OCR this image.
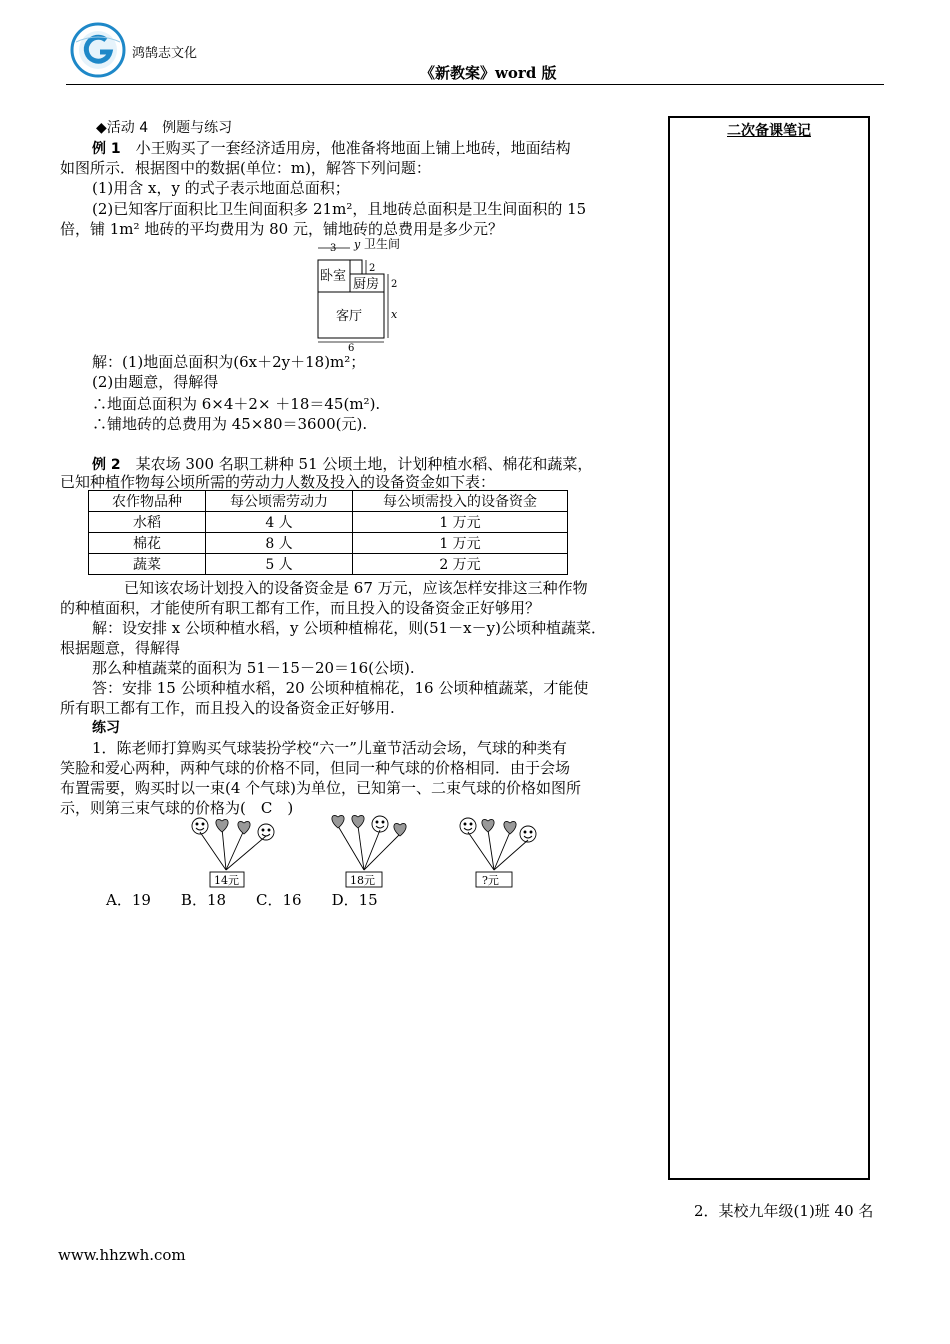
鸿鹄志文化
《新教案》word 版
二次备课笔记
◆活动 4　例题与练习
例 1　小王购买了一套经济适用房，他准备将地面上铺上地砖，地面结构
如图所示．根据图中的数据(单位：m)，解答下列问题：
(1)用含 x，y 的式子表示地面总面积；
(2)已知客厅面积比卫生间面积多 21m²，且地砖总面积是卫生间面积的 15
倍，铺 1m² 地砖的平均费用为 80 元，铺地砖的总费用是多少元？
3 y 卫生间
卧室
厨房
客厅
2
2
x
6
解：(1)地面总面积为(6x＋2y＋18)m²；
(2)由题意，得解得
∴地面总面积为 6×4＋2× ＋18＝45(m²).
∴铺地砖的总费用为 45×80＝3600(元).
例 2　某农场 300 名职工耕种 51 公顷土地，计划种植水稻、棉花和蔬菜，
已知种植作物每公顷所需的劳动力人数及投入的设备资金如下表：
农作物品种	每公顷需劳动力	每公顷需投入的设备资金
水稻	4 人	1 万元
棉花	8 人	1 万元
蔬菜	5 人	2 万元
已知该农场计划投入的设备资金是 67 万元，应该怎样安排这三种作物
的种植面积，才能使所有职工都有工作，而且投入的设备资金正好够用？
解：设安排 x 公顷种植水稻，y 公顷种植棉花，则(51－x－y)公顷种植蔬菜．
根据题意，得解得
那么种植蔬菜的面积为 51－15－20＝16(公顷).
答：安排 15 公顷种植水稻，20 公顷种植棉花，16 公顷种植蔬菜，才能使
所有职工都有工作，而且投入的设备资金正好够用.
练习
1．陈老师打算购买气球装扮学校“六一”儿童节活动会场，气球的种类有
笑脸和爱心两种，两种气球的价格不同，但同一种气球的价格相同．由于会场
布置需要，购买时以一束(4 个气球)为单位，已知第一、二束气球的价格如图所
示，则第三束气球的价格为(　C　)
14元	18元	?元
A．19　　B．18　　C．16　　D．15
2．某校九年级(1)班 40 名
www.hhzwh.com
